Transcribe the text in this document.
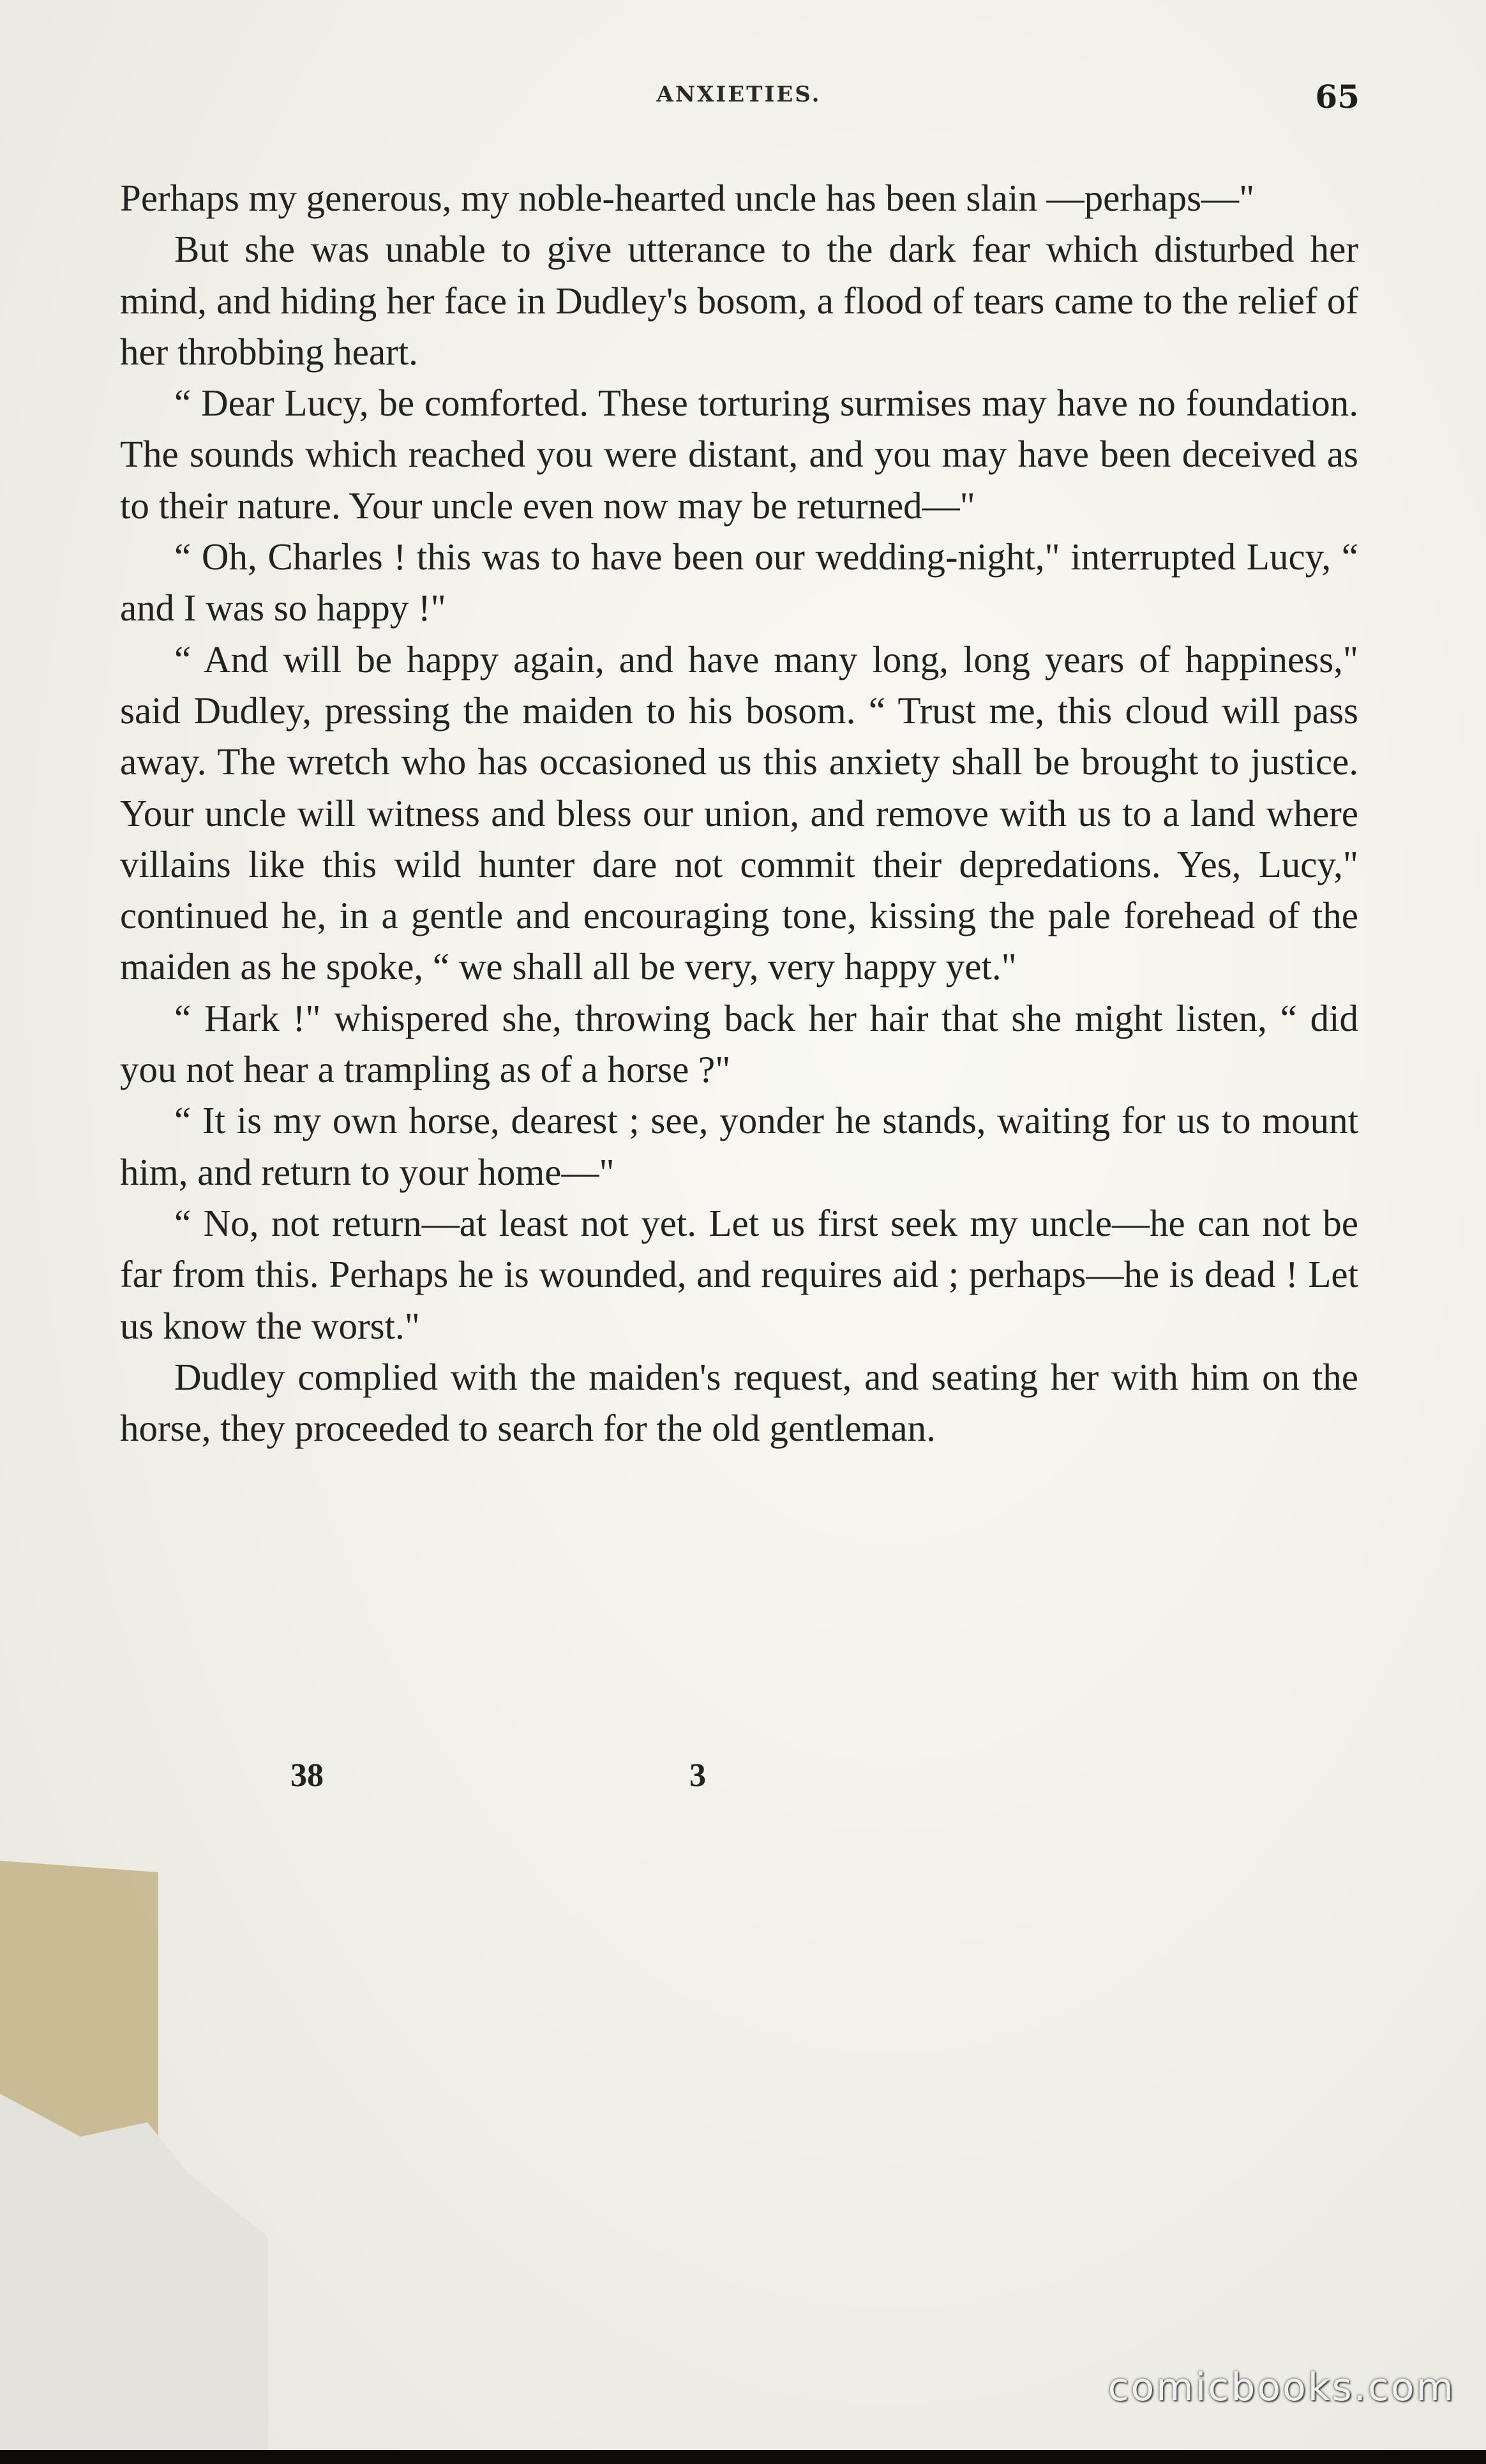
ANXIETIES.	65

Perhaps my generous, my noble-hearted uncle has been slain —perhaps—"

But she was unable to give utterance to the dark fear which disturbed her mind, and hiding her face in Dudley's bosom, a flood of tears came to the relief of her throbbing heart.

“ Dear Lucy, be comforted. These torturing surmises may have no foundation. The sounds which reached you were distant, and you may have been deceived as to their nature. Your uncle even now may be returned—"

“ Oh, Charles ! this was to have been our wedding-night," interrupted Lucy, “ and I was so happy !"

“ And will be happy again, and have many long, long years of happiness," said Dudley, pressing the maiden to his bosom. “ Trust me, this cloud will pass away. The wretch who has occasioned us this anxiety shall be brought to justice. Your uncle will witness and bless our union, and remove with us to a land where villains like this wild hunter dare not commit their depredations. Yes, Lucy," continued he, in a gentle and encouraging tone, kissing the pale forehead of the maiden as he spoke, “ we shall all be very, very happy yet."

“ Hark !" whispered she, throwing back her hair that she might listen, “ did you not hear a trampling as of a horse ?"

“ It is my own horse, dearest ; see, yonder he stands, waiting for us to mount him, and return to your home—"

“ No, not return—at least not yet. Let us first seek my uncle—he can not be far from this. Perhaps he is wounded, and requires aid ; perhaps—he is dead ! Let us know the worst."

Dudley complied with the maiden's request, and seating her with him on the horse, they proceeded to search for the old gentleman.

38	3
comicbooks.com
